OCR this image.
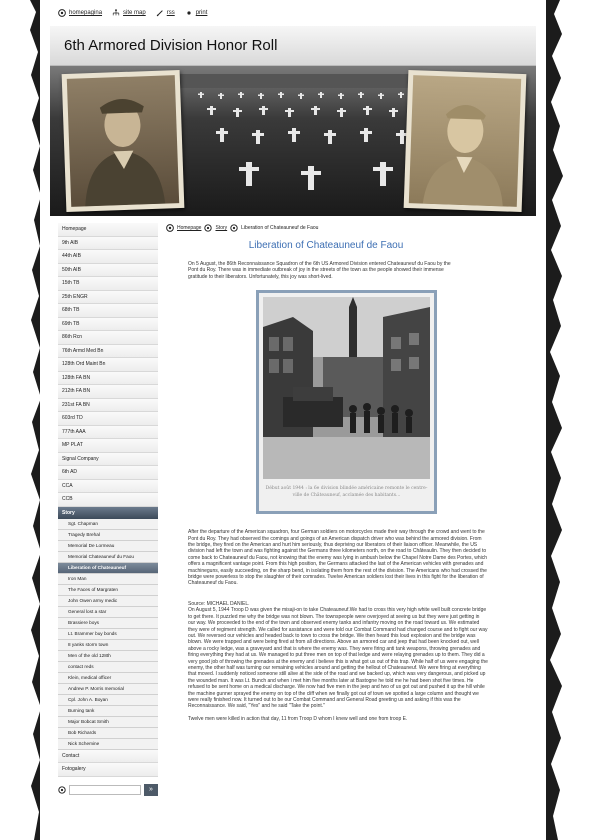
homepagina	site map	rss	print
6th Armored Division Honor Roll
Homepage
9th AIB
44th AIB
50th AIB
15th TB
25th ENGR
68th TB
69th TB
86th Rcn
76th Armd Med Bn
128th Ord Maint Bn
128th FA BN
212th FA BN
231st FA BN
603rd TD
777th AAA
MP PLAT
Signal Company
6th AD
CCA
CCB
Story
Sgt. Chapman
Tragedy Brehal
Memorial De Lormeau
Memorial Chateauneuf du Faou
Liberation of Chateauneuf
Iron Man
The Faces of Margraten
John Owen army medic
General lost a star
Brassiere boys
Lt. Brammer buy bonds
8 yanks storm town
Men of the old 128th
contact reds
Klein, medical officer
Andrew P. Morris memorial
Cpl. John A. Boyan
Burning tank
Major Bobcat Smith
Bob Richards
Nick Schemine
Contact
Fotogalery
»
Homepage	Story	Liberation of Chateauneuf de Faou
Liberation of Chateauneuf de Faou

On 5 August, the 86th Reconnaissance Squadron of the 6th US Armored Division entered Chateauneuf du Faou by the Pont du Roy. There was in immediate outbreak of joy in the streets of the town as the people showed their immense gratitude to their liberators. Unfortunately, this joy was short-lived.

Début août 1944 : la 6e division blindée américaine remonte le centre-ville de Châteauneuf, acclamée des habitants...

After the departure of the American squadron, four German soldiers on motorcycles made their way through the crowd and went to the Pont du Roy. They had observed the comings and goings of an American dispatch driver who was behind the armored division. From the bridge, they fired on the American and hurt him seriously, thus depriving our liberators of their liaison officer. Meanwhile, the US division had left the town and was fighting against the Germans three kilometers north, on the road to Châteaulin. They then decided to come back to Chateauneuf du Faou, not knowing that the enemy was lying in ambush below the Chapel Notre Dame des Portes, which offers a magnificent vantage point. From this high position, the Germans attacked the last of the American vehicles with grenades and machineguns, easily succeeding, on the sharp bend, in isolating them from the rest of the division. The Americans who had crossed the bridge were powerless to stop the slaughter of their comrades. Twelve American soldiers lost their lives in this fight for the liberation of Chateauneuf du Faou.

Source: MICHAEL DANIEL.

On August 5, 1944 Troop D was given the misaji-on to take Chateauneuf.We had to cross this very high white well built concrete bridge to get there. It puzzled me why the bridge was not blown. The townspeople were overjoyed at seeing us but they were just getting in our way. We proceeded to the end of the town and observed enemy tanks and infantry moving on the road toward us. We estimated they were of regiment strength. We called for assistance and were told our Combat Command had changed course and to fight our way out. We reversed our vehicles and headed back to town to cross the bridge. We then heard this loud explosion and the bridge was blown. We were trapped and were being fired at from all directions. Above an armored car and jeep that had been knocked out, well above a rocky ledge, was a graveyard and that is where the enemy was. They were firing anti tank weapons, throwing grenades and firing everything they had at us. We managed to put three men on top of that ledge and were relaying grenades up to them. They did a very good job of throwing the grenades at the enemy and i believe this is what got us out of this trap. While half of us were engaging the enemy, the other half was turning our remaining vehicles around and getting the hellout of Chateauneuf. We were firing at everything that moved. I suddenly noticed someone still alive at the side of the road and we backed up, which was very dangerous, and picked up the wounded man. It was Lt. Bunch and when i met him five months later at Bastogne he told me he had been shot five times. He refused to be sent home on a medical discharge. We now had five men in the jeep and two of us got out and pushed it up the hill while the machine gunner sprayed the enemy on top of the cliff when we finally got out of town we spotted a large column and thought we were really finished now. It turned out to be our Combat Command and General Road greeting us and asking if this was the Reconnaissance. We said, "Yes" and he said "Take the point."

Twelve men were killed in action that day, 11 from Troop D whom I knew well and one from troop E.
